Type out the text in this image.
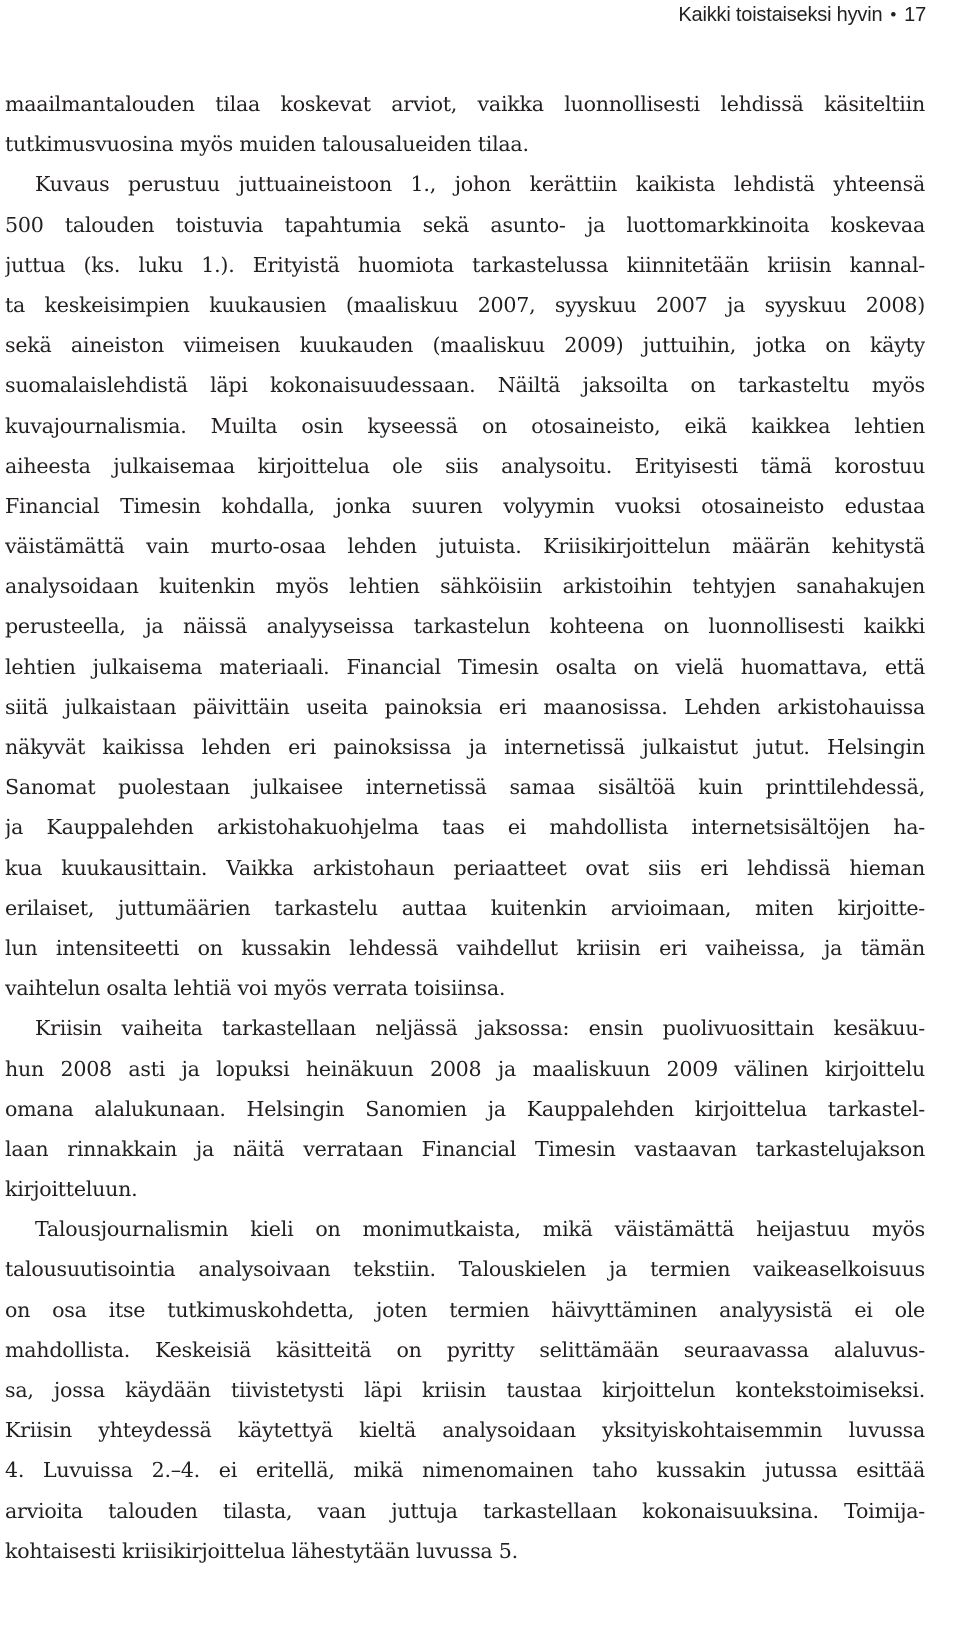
Kaikki toistaiseksi hyvin • 17
maailmantalouden tilaa koskevat arviot, vaikka luonnollisesti lehdissä käsiteltiin
tutkimusvuosina myös muiden talousalueiden tilaa.
Kuvaus perustuu juttuaineistoon 1., johon kerättiin kaikista lehdistä yhteensä
500 talouden toistuvia tapahtumia sekä asunto- ja luottomarkkinoita koskevaa
juttua (ks. luku 1.). Erityistä huomiota tarkastelussa kiinnitetään kriisin kannal-
ta keskeisimpien kuukausien (maaliskuu 2007, syyskuu 2007 ja syyskuu 2008)
sekä aineiston viimeisen kuukauden (maaliskuu 2009) juttuihin, jotka on käyty
suomalaislehdistä läpi kokonaisuudessaan. Näiltä jaksoilta on tarkasteltu myös
kuvajournalismia. Muilta osin kyseessä on otosaineisto, eikä kaikkea lehtien
aiheesta julkaisemaa kirjoittelua ole siis analysoitu. Erityisesti tämä korostuu
Financial Timesin kohdalla, jonka suuren volyymin vuoksi otosaineisto edustaa
väistämättä vain murto-osaa lehden jutuista. Kriisikirjoittelun määrän kehitystä
analysoidaan kuitenkin myös lehtien sähköisiin arkistoihin tehtyjen sanahakujen
perusteella, ja näissä analyyseissa tarkastelun kohteena on luonnollisesti kaikki
lehtien julkaisema materiaali. Financial Timesin osalta on vielä huomattava, että
siitä julkaistaan päivittäin useita painoksia eri maanosissa. Lehden arkistohauissa
näkyvät kaikissa lehden eri painoksissa ja internetissä julkaistut jutut. Helsingin
Sanomat puolestaan julkaisee internetissä samaa sisältöä kuin printtilehdessä,
ja Kauppalehden arkistohakuohjelma taas ei mahdollista internetsisältöjen ha-
kua kuukausittain. Vaikka arkistohaun periaatteet ovat siis eri lehdissä hieman
erilaiset, juttumäärien tarkastelu auttaa kuitenkin arvioimaan, miten kirjoitte-
lun intensiteetti on kussakin lehdessä vaihdellut kriisin eri vaiheissa, ja tämän
vaihtelun osalta lehtiä voi myös verrata toisiinsa.
Kriisin vaiheita tarkastellaan neljässä jaksossa: ensin puolivuosittain kesäkuu-
hun 2008 asti ja lopuksi heinäkuun 2008 ja maaliskuun 2009 välinen kirjoittelu
omana alalukunaan. Helsingin Sanomien ja Kauppalehden kirjoittelua tarkastel-
laan rinnakkain ja näitä verrataan Financial Timesin vastaavan tarkastelujakson
kirjoitteluun.
Talousjournalismin kieli on monimutkaista, mikä väistämättä heijastuu myös
talousuutisointia analysoivaan tekstiin. Talouskielen ja termien vaikeaselkoisuus
on osa itse tutkimuskohdetta, joten termien häivyttäminen analyysistä ei ole
mahdollista. Keskeisiä käsitteitä on pyritty selittämään seuraavassa alaluvus-
sa, jossa käydään tiivistetysti läpi kriisin taustaa kirjoittelun kontekstoimiseksi.
Kriisin yhteydessä käytettyä kieltä analysoidaan yksityiskohtaisemmin luvussa
4. Luvuissa 2.–4. ei eritellä, mikä nimenomainen taho kussakin jutussa esittää
arvioita talouden tilasta, vaan juttuja tarkastellaan kokonaisuuksina. Toimija-
kohtaisesti kriisikirjoittelua lähestytään luvussa 5.
